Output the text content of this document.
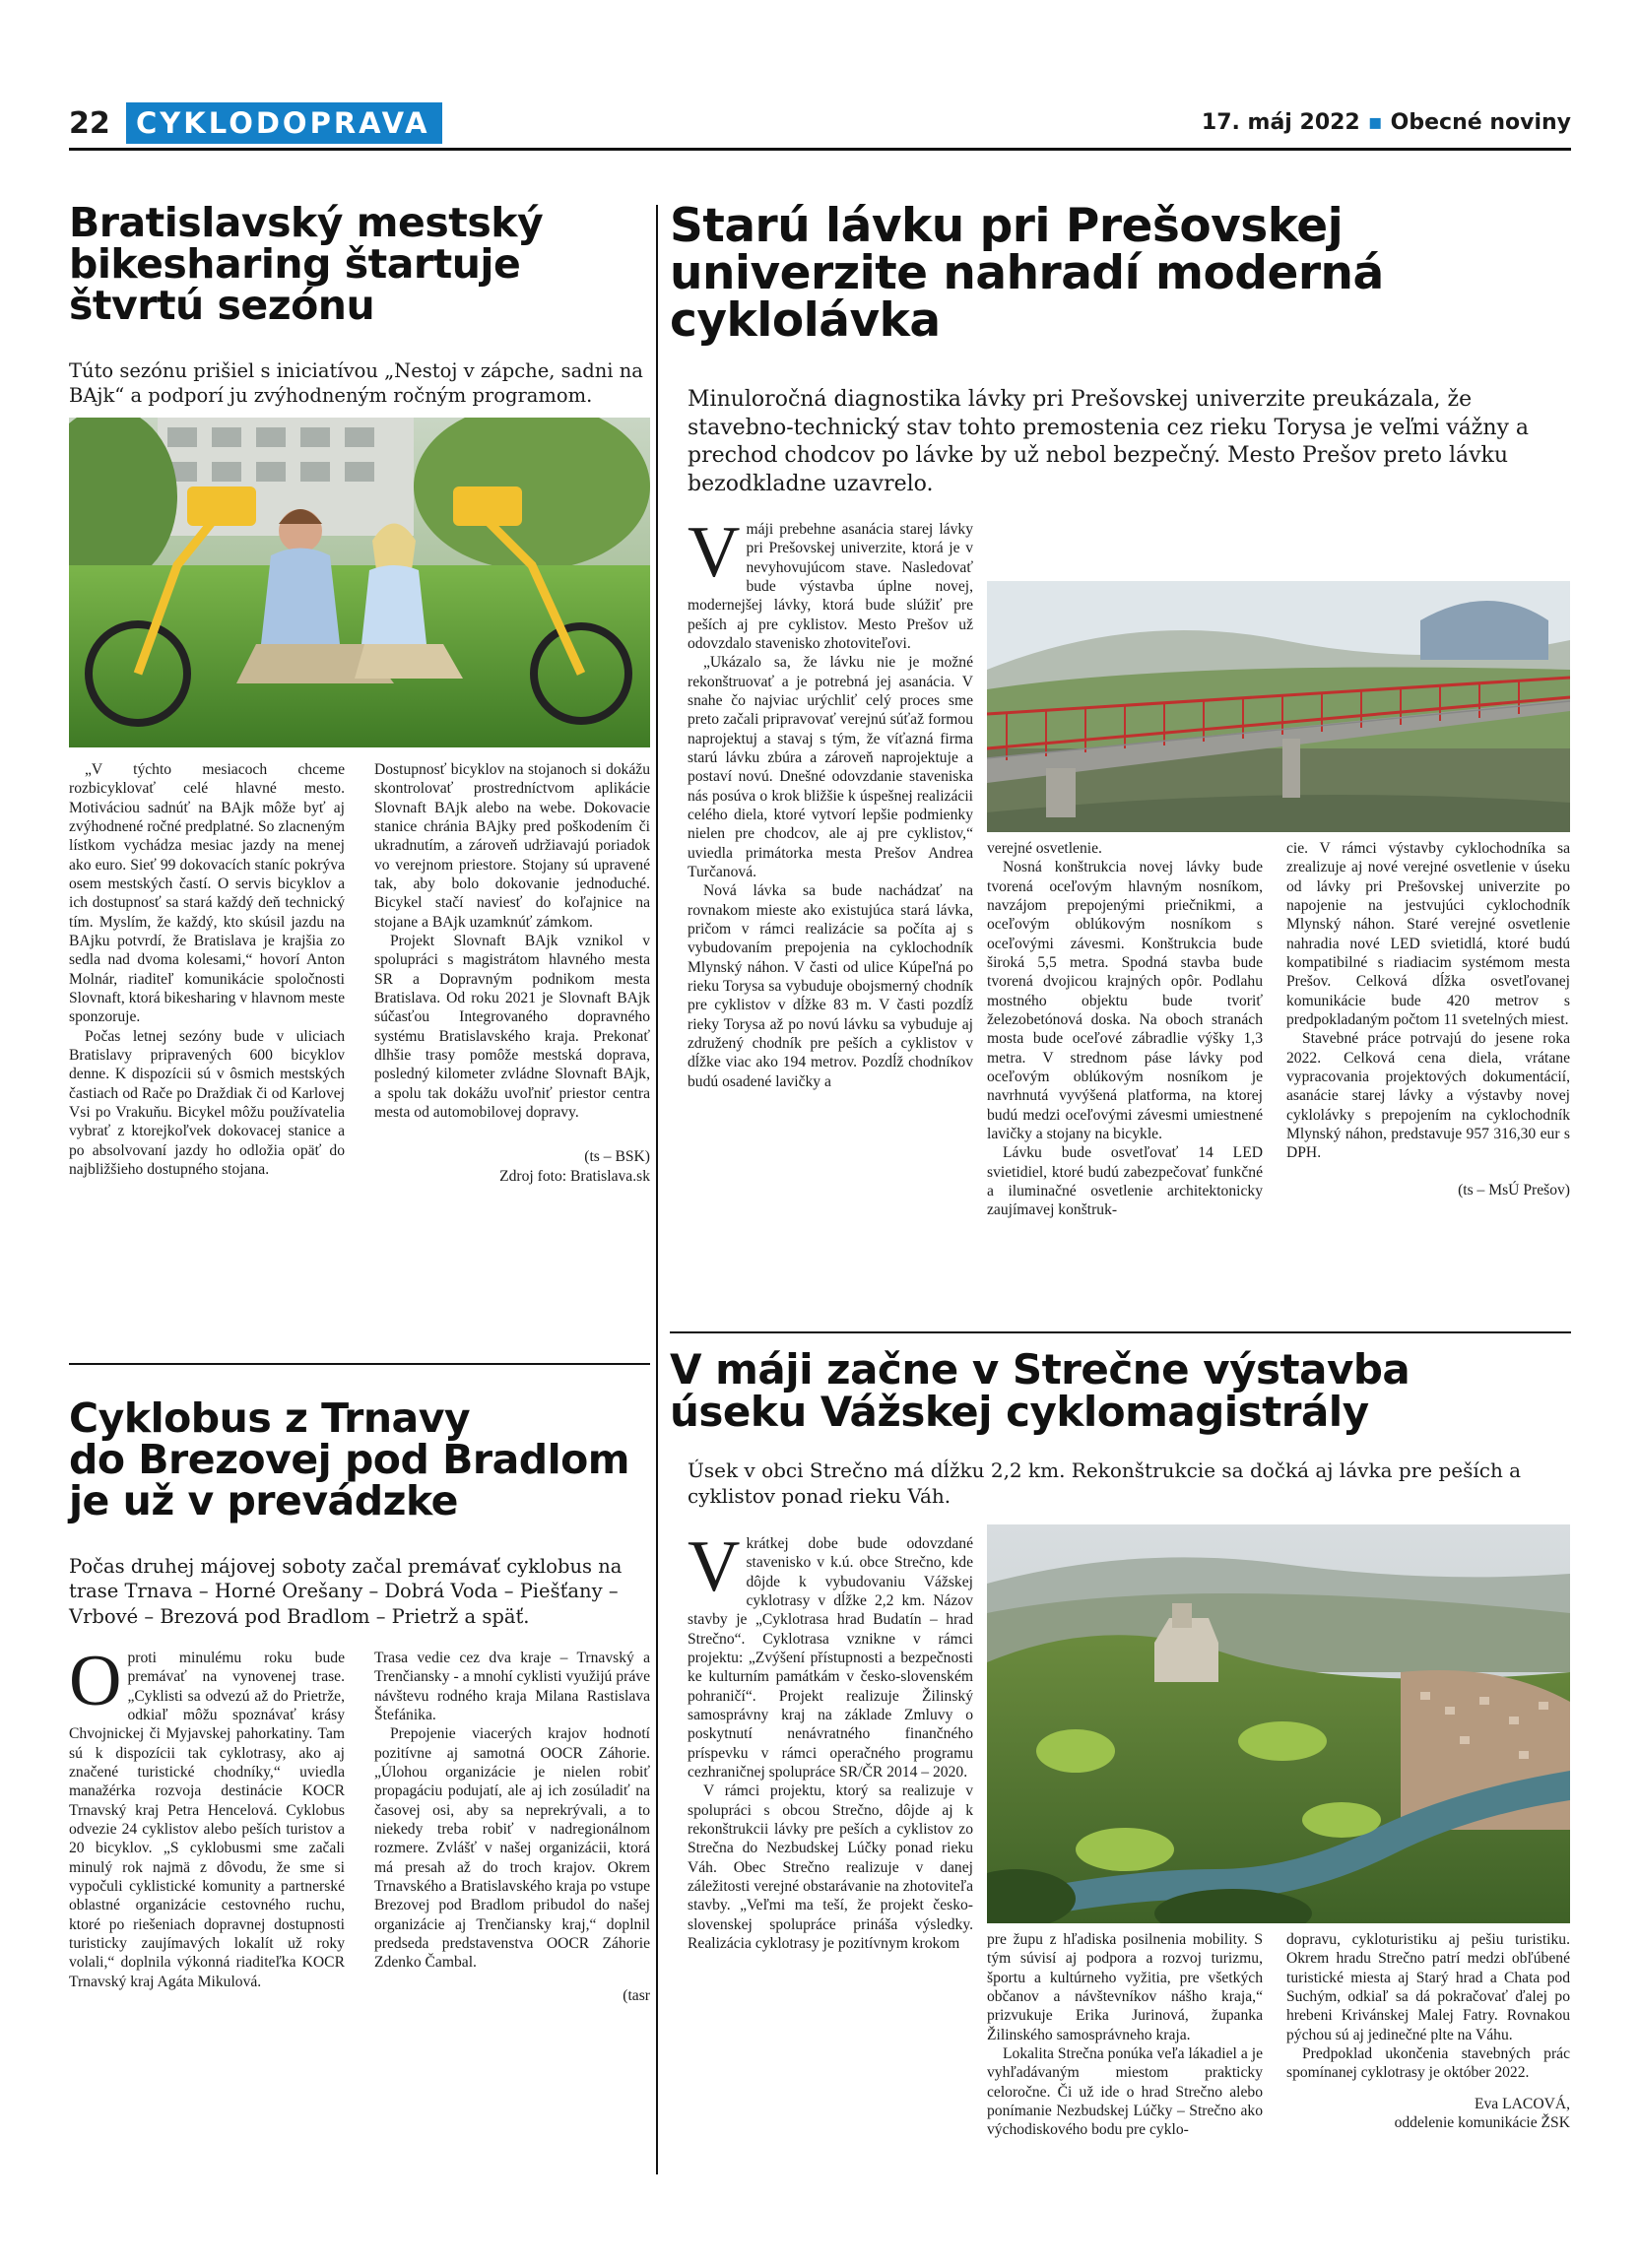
22 CYKLODOPRAVA	17. máj 2022 ▪ Obecné noviny
Bratislavský mestský
bikesharing štartuje
štvrtú sezónu

Túto sezónu prišiel s iniciatívou „Nestoj v zápche, sadni na BAjk“ a podporí ju zvýhodneným ročným programom.

„V týchto mesiacoch chceme rozbicyklovať celé hlavné mesto. Motiváciou sadnúť na BAjk môže byť aj zvýhodnené ročné predplatné. So zlacneným lístkom vychádza mesiac jazdy na menej ako euro. Sieť 99 dokovacích staníc pokrýva osem mestských častí. O servis bicyklov a ich dostupnosť sa stará každý deň technický tím. Myslím, že každý, kto skúsil jazdu na BAjku potvrdí, že Bratislava je krajšia zo sedla nad dvoma kolesami,“ hovorí Anton Molnár, riaditeľ komunikácie spoločnosti Slovnaft, ktorá bikesharing v hlavnom meste sponzoruje.

Počas letnej sezóny bude v uliciach Bratislavy pripravených 600 bicyklov denne. K dispozícii sú v ôsmich mestských častiach od Rače po Draždiak či od Karlovej Vsi po Vrakuňu. Bicykel môžu používatelia vybrať z ktorejkoľvek dokovacej stanice a po absolvovaní jazdy ho odložia opäť do najbližšieho dostupného stojana.

Dostupnosť bicyklov na stojanoch si dokážu skontrolovať prostredníctvom aplikácie Slovnaft BAjk alebo na webe. Dokovacie stanice chránia BAjky pred poškodením či ukradnutím, a zároveň udržiavajú poriadok vo verejnom priestore. Stojany sú upravené tak, aby bolo dokovanie jednoduché. Bicykel stačí naviesť do koľajnice na stojane a BAjk uzamknúť zámkom.

Projekt Slovnaft BAjk vznikol v spolupráci s magistrátom hlavného mesta SR a Dopravným podnikom mesta Bratislava. Od roku 2021 je Slovnaft BAjk súčasťou Integrovaného dopravného systému Bratislavského kraja. Prekonať dlhšie trasy pomôže mestská doprava, posledný kilometer zvládne Slovnaft BAjk, a spolu tak dokážu uvoľniť priestor centra mesta od automobilovej dopravy.

(ts – BSK)
Zdroj foto: Bratislava.sk
Starú lávku pri Prešovskej
univerzite nahradí moderná
cyklolávka

Minuloročná diagnostika lávky pri Prešovskej univerzite preukázala, že stavebno-technický stav tohto premostenia cez rieku Torysa je veľmi vážny a prechod chodcov po lávke by už nebol bezpečný. Mesto Prešov preto lávku bezodkladne uzavrelo.

Vmáji prebehne asanácia starej lávky pri Prešovskej univerzite, ktorá je v nevyhovujúcom stave. Nasledovať bude výstavba úplne novej, modernejšej lávky, ktorá bude slúžiť pre peších aj pre cyklistov. Mesto Prešov už odovzdalo stavenisko zhotoviteľovi.

„Ukázalo sa, že lávku nie je možné rekonštruovať a je potrebná jej asanácia. V snahe čo najviac urýchliť celý proces sme preto začali pripravovať verejnú súťaž formou naprojektuj a stavaj s tým, že víťazná firma starú lávku zbúra a zároveň naprojektuje a postaví novú. Dnešné odovzdanie staveniska nás posúva o krok bližšie k úspešnej realizácii celého diela, ktoré vytvorí lepšie podmienky nielen pre chodcov, ale aj pre cyklistov,“ uviedla primátorka mesta Prešov Andrea Turčanová.

Nová lávka sa bude nachádzať na rovnakom mieste ako existujúca stará lávka, pričom v rámci realizácie sa počíta aj s vybudovaním prepojenia na cyklochodník Mlynský náhon. V časti od ulice Kúpeľná po rieku Torysa sa vybuduje obojsmerný chodník pre cyklistov v dĺžke 83 m. V časti pozdĺž rieky Torysa až po novú lávku sa vybuduje aj združený chodník pre peších a cyklistov v dĺžke viac ako 194 metrov. Pozdĺž chodníkov budú osadené lavičky a

verejné osvetlenie.

Nosná konštrukcia novej lávky bude tvorená oceľovým hlavným nosníkom, navzájom prepojenými priečnikmi, a oceľovým oblúkovým nosníkom s oceľovými závesmi. Konštrukcia bude široká 5,5 metra. Spodná stavba bude tvorená dvojicou krajných opôr. Podlahu mostného objektu bude tvoriť železobetónová doska. Na oboch stranách mosta bude oceľové zábradlie výšky 1,3 metra. V strednom páse lávky pod oceľovým oblúkovým nosníkom je navrhnutá vyvýšená platforma, na ktorej budú medzi oceľovými závesmi umiestnené lavičky a stojany na bicykle.

Lávku bude osvetľovať 14 LED svietidiel, ktoré budú zabezpečovať funkčné a iluminačné osvetlenie architektonicky zaujímavej konštruk-

cie. V rámci výstavby cyklochodníka sa zrealizuje aj nové verejné osvetlenie v úseku od lávky pri Prešovskej univerzite po napojenie na jestvujúci cyklochodník Mlynský náhon. Staré verejné osvetlenie nahradia nové LED svietidlá, ktoré budú kompatibilné s riadiacim systémom mesta Prešov. Celková dĺžka osvetľovanej komunikácie bude 420 metrov s predpokladaným počtom 11 svetelných miest.

Stavebné práce potrvajú do jesene roka 2022. Celková cena diela, vrátane vypracovania projektových dokumentácií, asanácie starej lávky a výstavby novej cyklolávky s prepojením na cyklochodník Mlynský náhon, predstavuje 957 316,30 eur s DPH.

(ts – MsÚ Prešov)
Cyklobus z Trnavy
do Brezovej pod Bradlom
je už v prevádzke

Počas druhej májovej soboty začal premávať cyklobus na trase Trnava – Horné Orešany – Dobrá Voda – Piešťany – Vrbové – Brezová pod Bradlom – Prietrž a späť.

Oproti minulému roku bude premávať na vynovenej trase. „Cyklisti sa odvezú až do Prietrže, odkiaľ môžu spoznávať krásy Chvojnickej či Myjavskej pahorkatiny. Tam sú k dispozícii tak cyklotrasy, ako aj značené turistické chodníky,“ uviedla manažérka rozvoja destinácie KOCR Trnavský kraj Petra Hencelová. Cyklobus odvezie 24 cyklistov alebo peších turistov a 20 bicyklov. „S cyklobusmi sme začali minulý rok najmä z dôvodu, že sme si vypočuli cyklistické komunity a partnerské oblastné organizácie cestovného ruchu, ktoré po riešeniach dopravnej dostupnosti turisticky zaujímavých lokalít už roky volali,“ doplnila výkonná riaditeľka KOCR Trnavský kraj Agáta Mikulová.

Trasa vedie cez dva kraje – Trnavský a Trenčiansky - a mnohí cyklisti využijú práve návštevu rodného kraja Milana Rastislava Štefánika.

Prepojenie viacerých krajov hodnotí pozitívne aj samotná OOCR Záhorie. „Úlohou organizácie je nielen robiť propagáciu podujatí, ale aj ich zosúladiť na časovej osi, aby sa neprekrývali, a to niekedy treba robiť v nadregionálnom rozmere. Zvlášť v našej organizácii, ktorá má presah až do troch krajov. Okrem Trnavského a Bratislavského kraja po vstupe Brezovej pod Bradlom pribudol do našej organizácie aj Trenčiansky kraj,“ doplnil predseda predstavenstva OOCR Záhorie Zdenko Čambal.

(tasr
V máji začne v Strečne výstavba
úseku Vážskej cyklomagistrály

Úsek v obci Strečno má dĺžku 2,2 km. Rekonštrukcie sa dočká aj lávka pre peších a cyklistov ponad rieku Váh.

Vkrátkej dobe bude odovzdané stavenisko v k.ú. obce Strečno, kde dôjde k vybudovaniu Vážskej cyklotrasy v dĺžke 2,2 km. Názov stavby je „Cyklotrasa hrad Budatín – hrad Strečno“. Cyklotrasa vznikne v rámci projektu: „Zvýšení přístupnosti a bezpečnosti ke kulturním památkám v česko-slovenském pohraničí“. Projekt realizuje Žilinský samosprávny kraj na základe Zmluvy o poskytnutí nenávratného finančného príspevku v rámci operačného programu cezhraničnej spolupráce SR/ČR 2014 – 2020.

V rámci projektu, ktorý sa realizuje v spolupráci s obcou Strečno, dôjde aj k rekonštrukcii lávky pre peších a cyklistov zo Strečna do Nezbudskej Lúčky ponad rieku Váh. Obec Strečno realizuje v danej záležitosti verejné obstarávanie na zhotoviteľa stavby. „Veľmi ma teší, že projekt česko-slovenskej spolupráce prináša výsledky. Realizácia cyklotrasy je pozitívnym krokom	pre župu z hľadiska posilnenia mobility. S tým súvisí aj podpora a rozvoj turizmu, športu a kultúrneho vyžitia, pre všetkých občanov a návštevníkov nášho kraja,“ prizvukuje Erika Jurinová, županka Žilinského samosprávneho kraja.

Lokalita Strečna ponúka veľa lákadiel a je vyhľadávaným miestom prakticky celoročne. Či už ide o hrad Strečno alebo ponímanie Nezbudskej Lúčky – Strečno ako východiskového bodu pre cyklo-

dopravu, cykloturistiku aj pešiu turistiku. Okrem hradu Strečno patrí medzi obľúbené turistické miesta aj Starý hrad a Chata pod Suchým, odkiaľ sa dá pokračovať ďalej po hrebeni Krivánskej Malej Fatry. Rovnakou pýchou sú aj jedinečné plte na Váhu.

Predpoklad ukončenia stavebných prác spomínanej cyklotrasy je október 2022.

Eva LACOVÁ,
oddelenie komunikácie ŽSK
